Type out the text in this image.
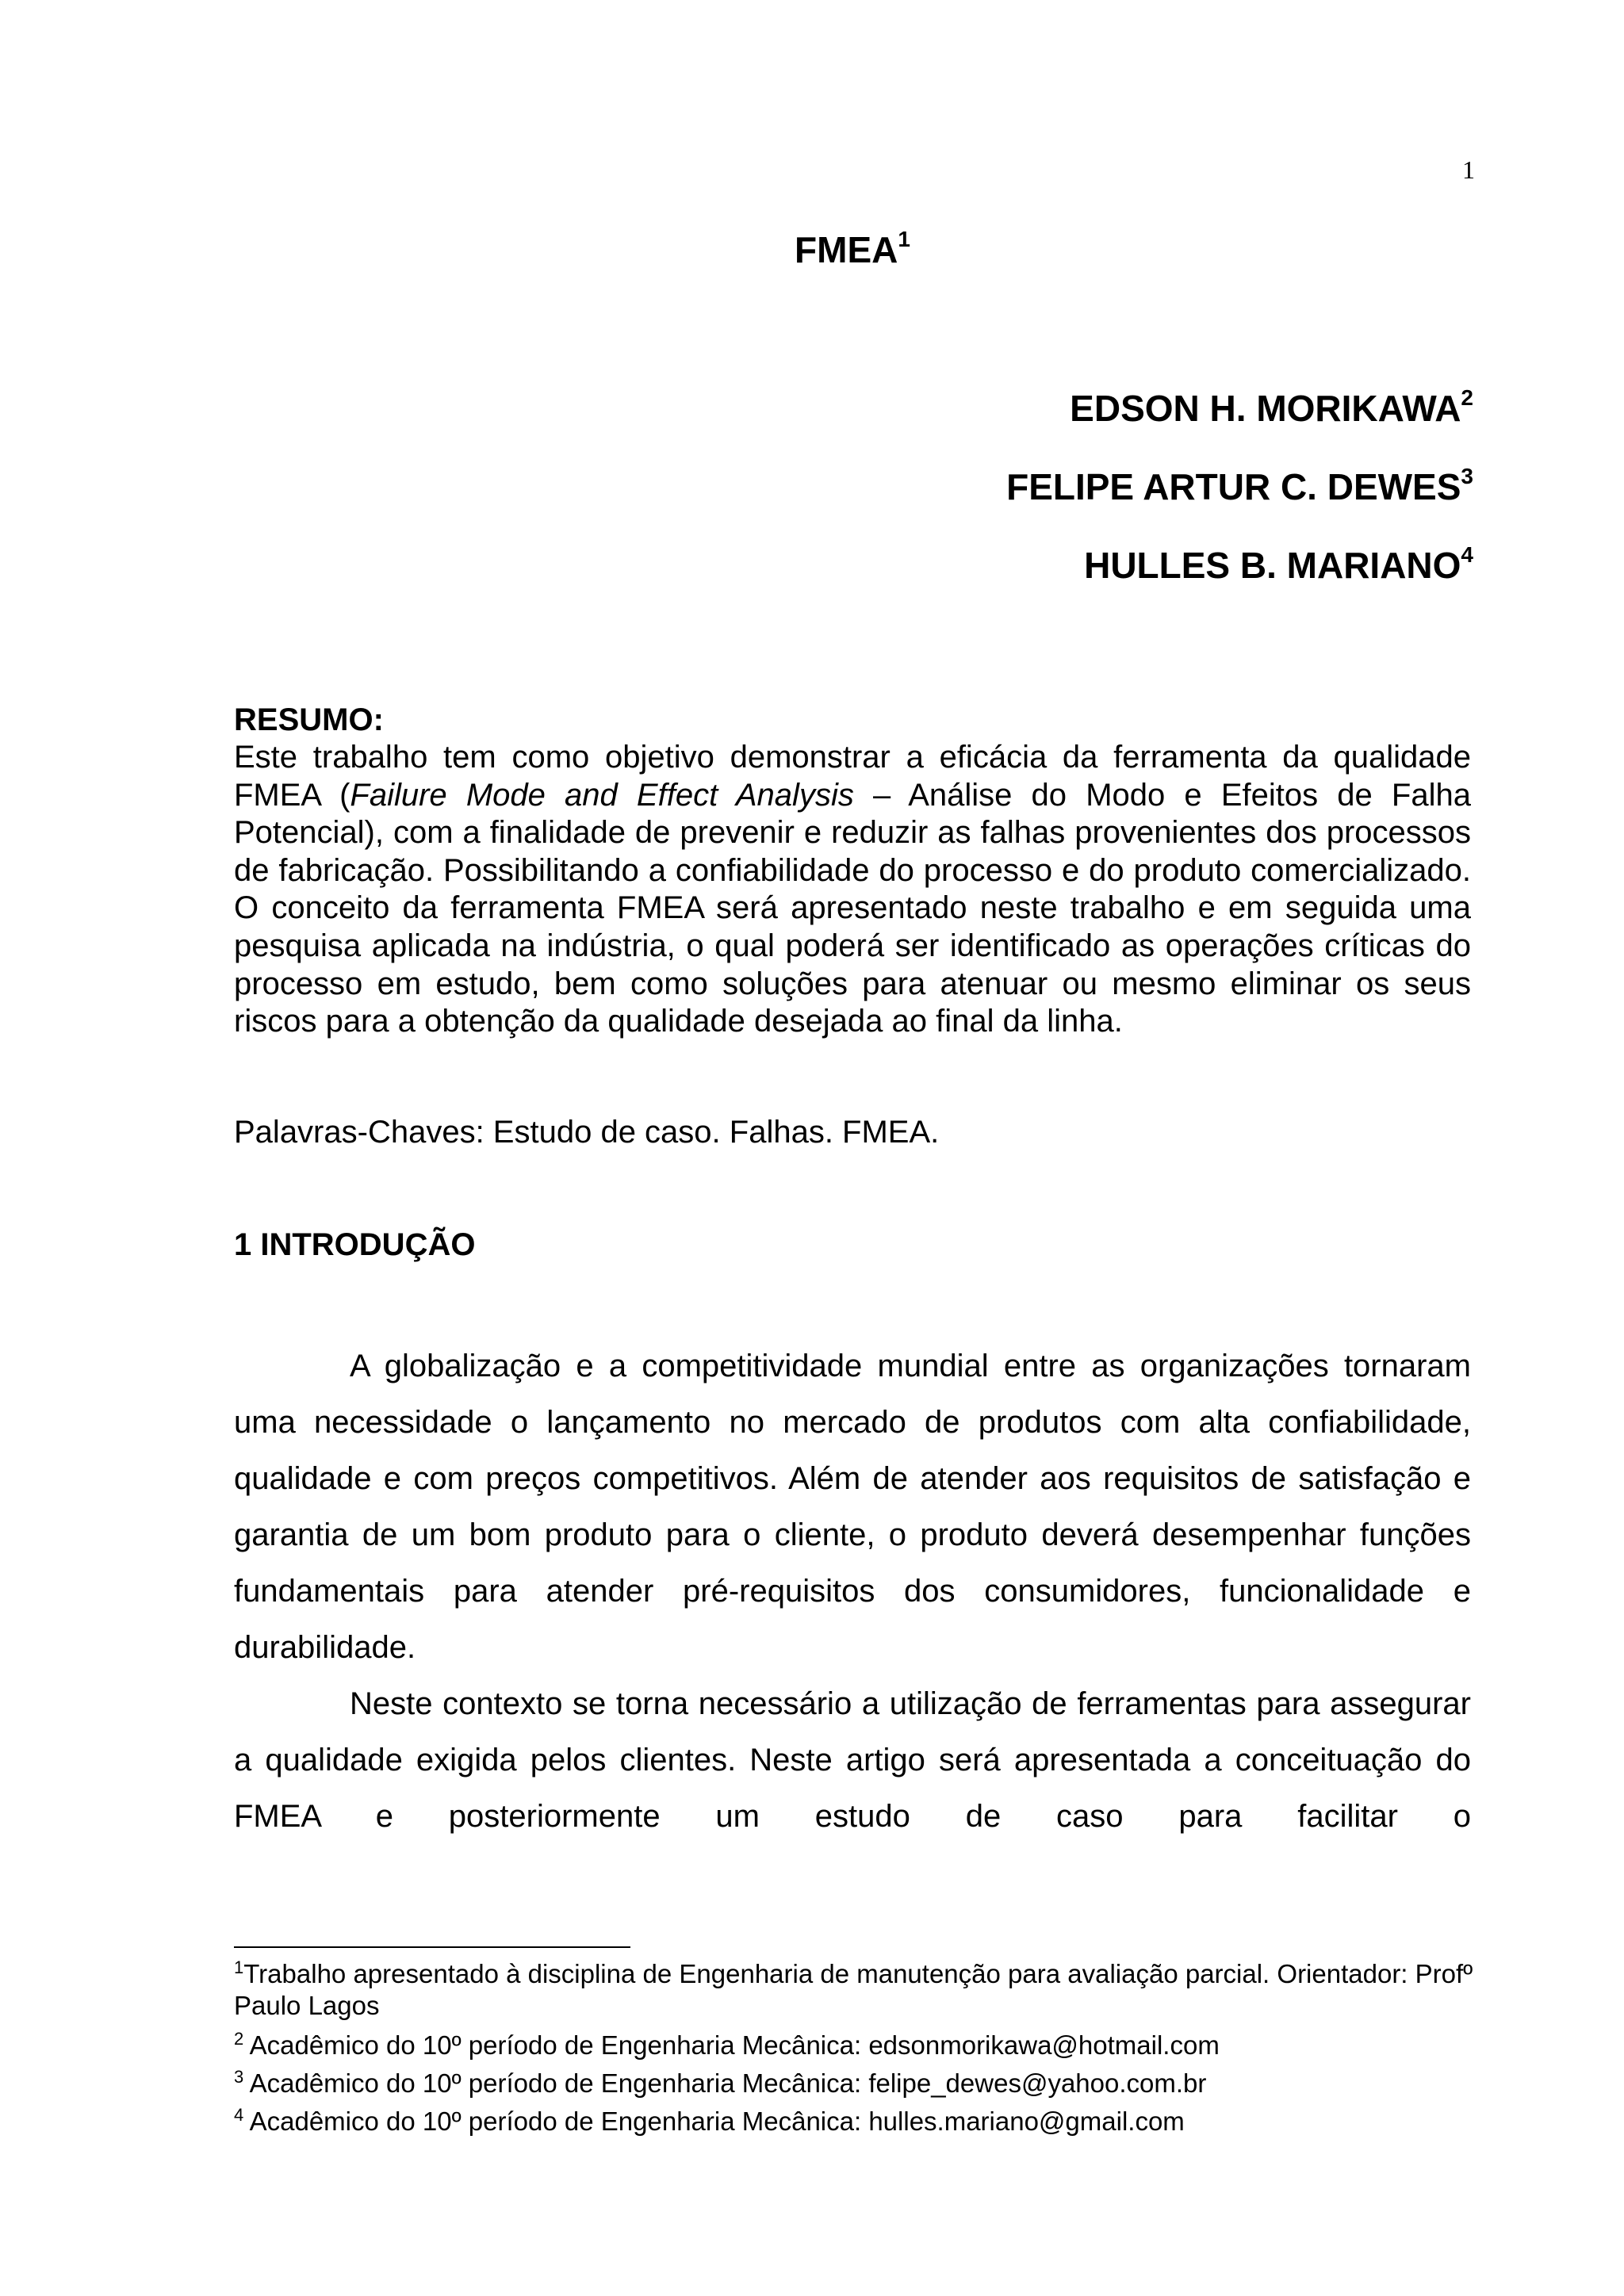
1
FMEA$^1$
EDSON H. MORIKAWA$^2$
FELIPE ARTUR C. DEWES$^3$
HULLES B. MARIANO$^4$
RESUMO:

Este trabalho tem como objetivo demonstrar a eficácia da ferramenta da qualidade FMEA (Failure Mode and Effect Analysis – Análise do Modo e Efeitos de Falha Potencial), com a finalidade de prevenir e reduzir as falhas provenientes dos processos de fabricação. Possibilitando a confiabilidade do processo e do produto comercializado. O conceito da ferramenta FMEA será apresentado neste trabalho e em seguida uma pesquisa aplicada na indústria, o qual poderá ser identificado as operações críticas do processo em estudo, bem como soluções para atenuar ou mesmo eliminar os seus riscos para a obtenção da qualidade desejada ao final da linha.

Palavras-Chaves: Estudo de caso. Falhas. FMEA.
1 INTRODUÇÃO

A globalização e a competitividade mundial entre as organizações tornaram uma necessidade o lançamento no mercado de produtos com alta confiabilidade, qualidade e com preços competitivos. Além de atender aos requisitos de satisfação e garantia de um bom produto para o cliente, o produto deverá desempenhar funções fundamentais para atender pré-requisitos dos consumidores, funcionalidade e durabilidade.

Neste contexto se torna necessário a utilização de ferramentas para assegurar a qualidade exigida pelos clientes. Neste artigo será apresentada a conceituação do FMEA e posteriormente um estudo de caso para facilitar o

$^1$Trabalho apresentado à disciplina de Engenharia de manutenção para avaliação parcial. Orientador: Profº Paulo Lagos

$^2$ Acadêmico do 10º período de Engenharia Mecânica: edsonmorikawa@hotmail.com

$^3$ Acadêmico do 10º período de Engenharia Mecânica: felipe_dewes@yahoo.com.br

$^4$ Acadêmico do 10º período de Engenharia Mecânica: hulles.mariano@gmail.com
